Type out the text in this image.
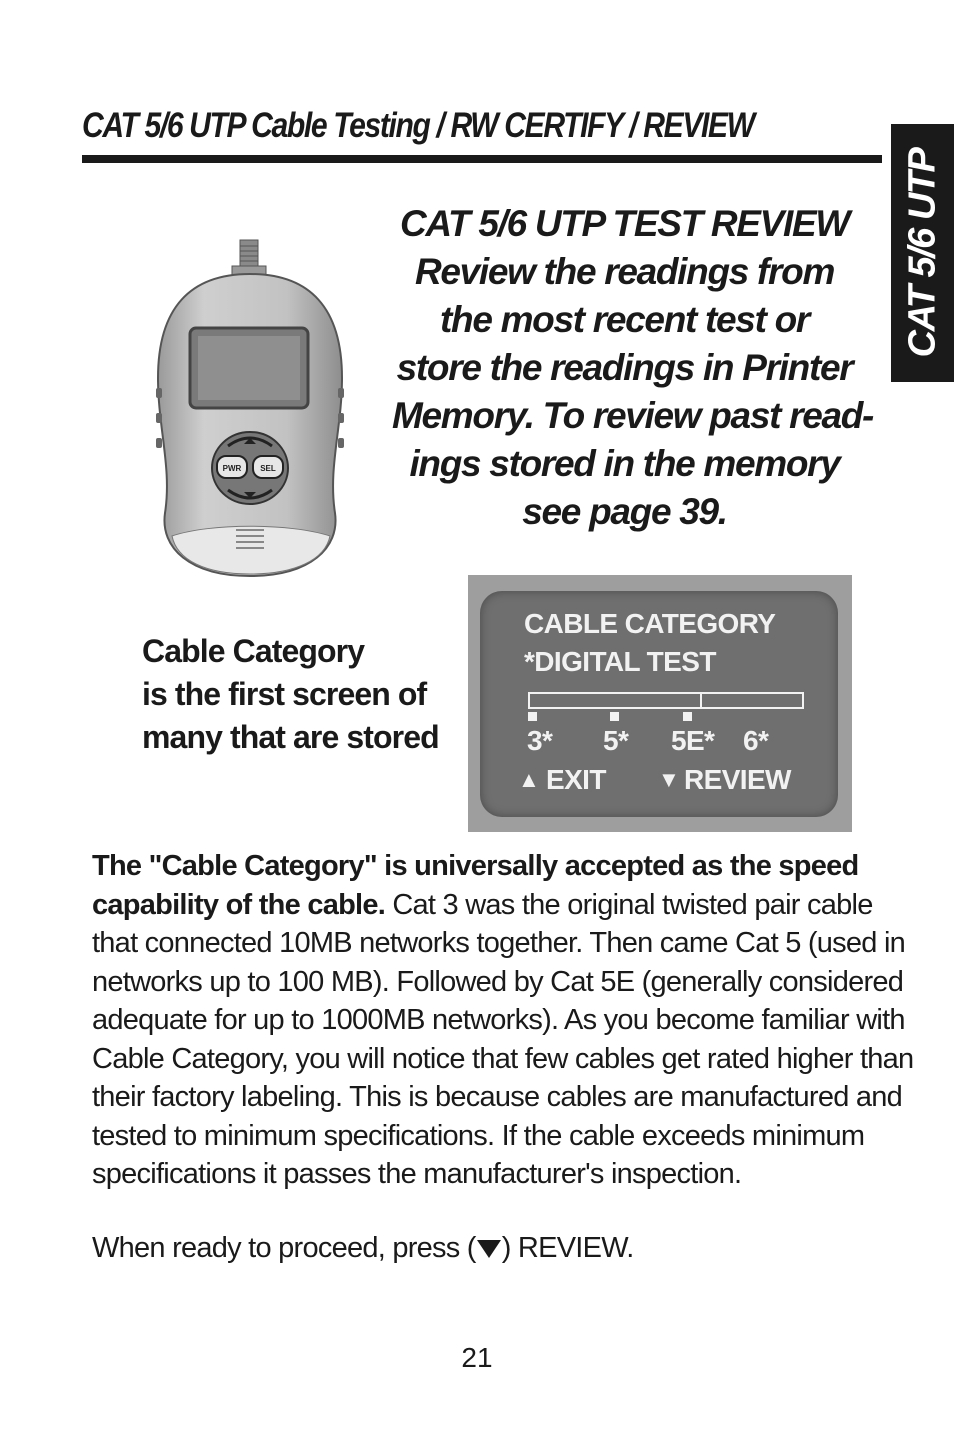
CAT 5/6 UTP Cable Testing / RW CERTIFY / REVIEW
CAT 5/6 UTP
PWR SEL
CAT 5/6 UTP TEST REVIEW
Review the readings from
the most recent test or
store the readings in Printer
Memory. To review past read-
ings stored in the memory
see page 39.
Cable Category
is the first screen of
many that are stored
CABLE CATEGORY
*DIGITAL TEST
3* 5* 5E* 6*
▲ EXIT ▼ REVIEW
The "Cable Category" is universally accepted as the speed
capability of the cable. Cat 3 was the original twisted pair cable
that connected 10MB networks together. Then came Cat 5 (used in
networks up to 100 MB). Followed by Cat 5E (generally considered
adequate for up to 1000MB networks). As you become familiar with
Cable Category, you will notice that few cables get rated higher than
their factory labeling. This is because cables are manufactured and
tested to minimum specifications. If the cable exceeds minimum
specifications it passes the manufacturer's inspection.
When ready to proceed, press ( ) REVIEW.
21
